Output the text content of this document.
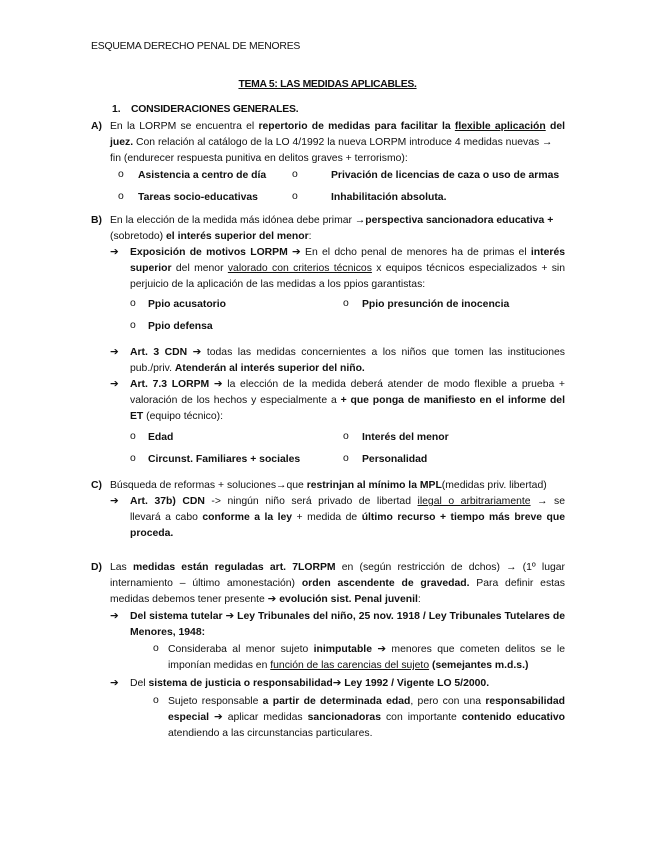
ESQUEMA DERECHO PENAL DE MENORES
TEMA 5: LAS MEDIDAS APLICABLES.
1. CONSIDERACIONES GENERALES.
A) En la LORPM se encuentra el repertorio de medidas para facilitar la flexible aplicación del
juez. Con relación al catálogo de la LO 4/1992 la nueva LORPM introduce 4 medidas nuevas →
fin (endurecer respuesta punitiva en delitos graves + terrorismo):
o Asistencia a centro de día o	Privación de licencias de caza o uso de armas
o Tareas socio-educativas	o	Inhabilitación absoluta.
B) En la elección de la medida más idónea debe primar →perspectiva sancionadora educativa +
(sobretodo) el interés superior del menor:
➔ Exposición de motivos LORPM ➔ En el dcho penal de menores ha de primas el interés
superior del menor valorado con criterios técnicos x equipos técnicos especializados + sin
perjuicio de la aplicación de las medidas a los ppios garantistas:
o Ppio acusatorio	o Ppio presunción de inocencia
o Ppio defensa
➔ Art. 3 CDN ➔ todas las medidas concernientes a los niños que tomen las instituciones
pub./priv. Atenderán al interés superior del niño.
➔ Art. 7.3 LORPM ➔ la elección de la medida deberá atender de modo flexible a prueba +
valoración de los hechos y especialmente a + que ponga de manifiesto en el informe del
ET (equipo técnico):
o Edad	o Interés del menor
o Circunst. Familiares + sociales	o Personalidad
C) Búsqueda de reformas + soluciones→que restrinjan al mínimo la MPL(medidas priv. libertad)
➔ Art. 37b) CDN -> ningún niño será privado de libertad ilegal o arbitrariamente → se
llevará a cabo conforme a la ley + medida de último recurso + tiempo más breve que
proceda.
D) Las medidas están reguladas art. 7LORPM en (según restricción de dchos) → (1º lugar
internamiento – último amonestación) orden ascendente de gravedad. Para definir estas
medidas debemos tener presente ➔ evolución sist. Penal juvenil:
➔ Del sistema tutelar ➔ Ley Tribunales del niño, 25 nov. 1918 / Ley Tribunales Tutelares de
Menores, 1948:
o Consideraba al menor sujeto inimputable ➔ menores que cometen delitos se le
imponían medidas en función de las carencias del sujeto (semejantes m.d.s.)
➔ Del sistema de justicia o responsabilidad➔ Ley 1992 / Vigente LO 5/2000.
o Sujeto responsable a partir de determinada edad, pero con una responsabilidad
especial ➔ aplicar medidas sancionadoras con importante contenido educativo
atendiendo a las circunstancias particulares.
